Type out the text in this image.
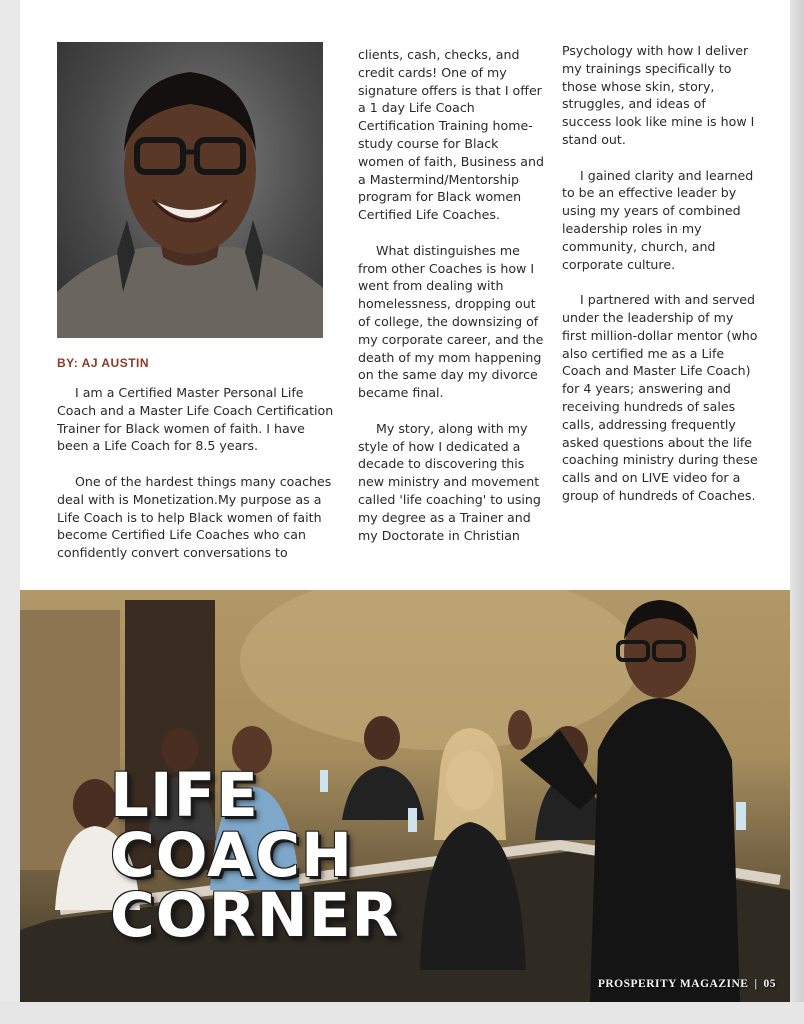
BY: AJ AUSTIN

I am a Certified Master Personal Life Coach and a Master Life Coach Certification Trainer for Black women of faith. I have been a Life Coach for 8.5 years.

One of the hardest things many coaches deal with is Monetization.My purpose as a Life Coach is to help Black women of faith become Certified Life Coaches who can confidently convert conversations to

clients, cash, checks, and credit cards! One of my signature offers is that I offer a 1 day Life Coach Certification Training home-study course for Black women of faith, Business and a Mastermind/Mentorship program for Black women Certified Life Coaches.

What distinguishes me from other Coaches is how I went from dealing with homelessness, dropping out of college, the downsizing of my corporate career, and the death of my mom happening on the same day my divorce became final.

My story, along with my style of how I dedicated a decade to discovering this new ministry and movement called 'life coaching' to using my degree as a Trainer and my Doctorate in Christian

Psychology with how I deliver my trainings specifically to those whose skin, story, struggles, and ideas of success look like mine is how I stand out.

I gained clarity and learned to be an effective leader by using my years of combined leadership roles in my community, church, and corporate culture.

I partnered with and served under the leadership of my first million-dollar mentor (who also certified me as a Life Coach and Master Life Coach) for 4 years; answering and receiving hundreds of sales calls, addressing frequently asked questions about the life coaching ministry during these calls and on LIVE video for a group of hundreds of Coaches.

LIFE
COACH
CORNER
PROSPERITY MAGAZINE | 05
